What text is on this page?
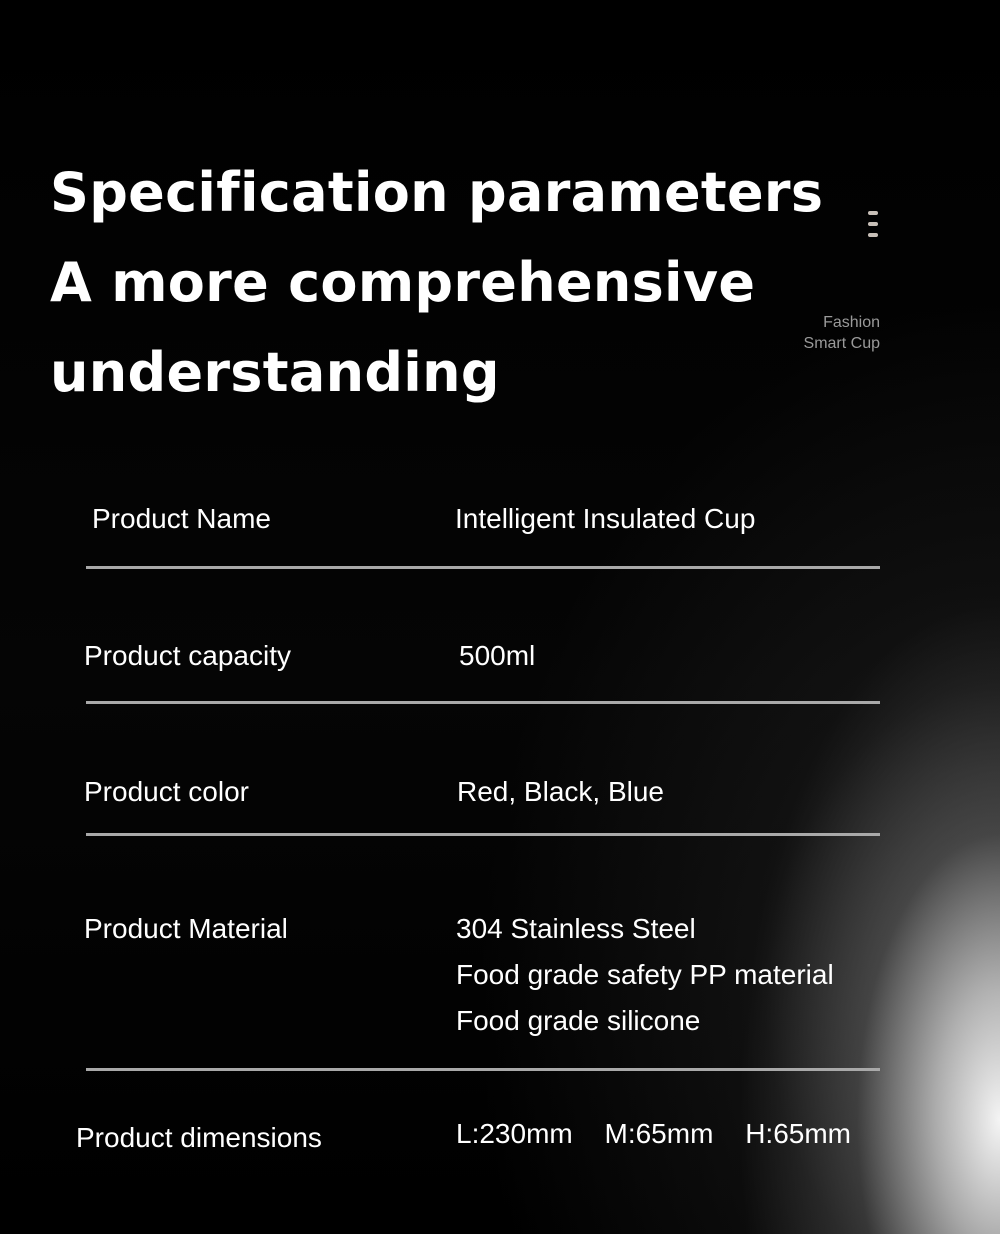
Specification parameters
A more comprehensive
understanding
Fashion
Smart Cup
Product Name	Intelligent Insulated Cup
Product capacity	500ml
Product color	Red, Black, Blue
Product Material	304 Stainless Steel
Food grade safety PP material
Food grade silicone
Product dimensions	L:230mm M:65mm H:65mm
